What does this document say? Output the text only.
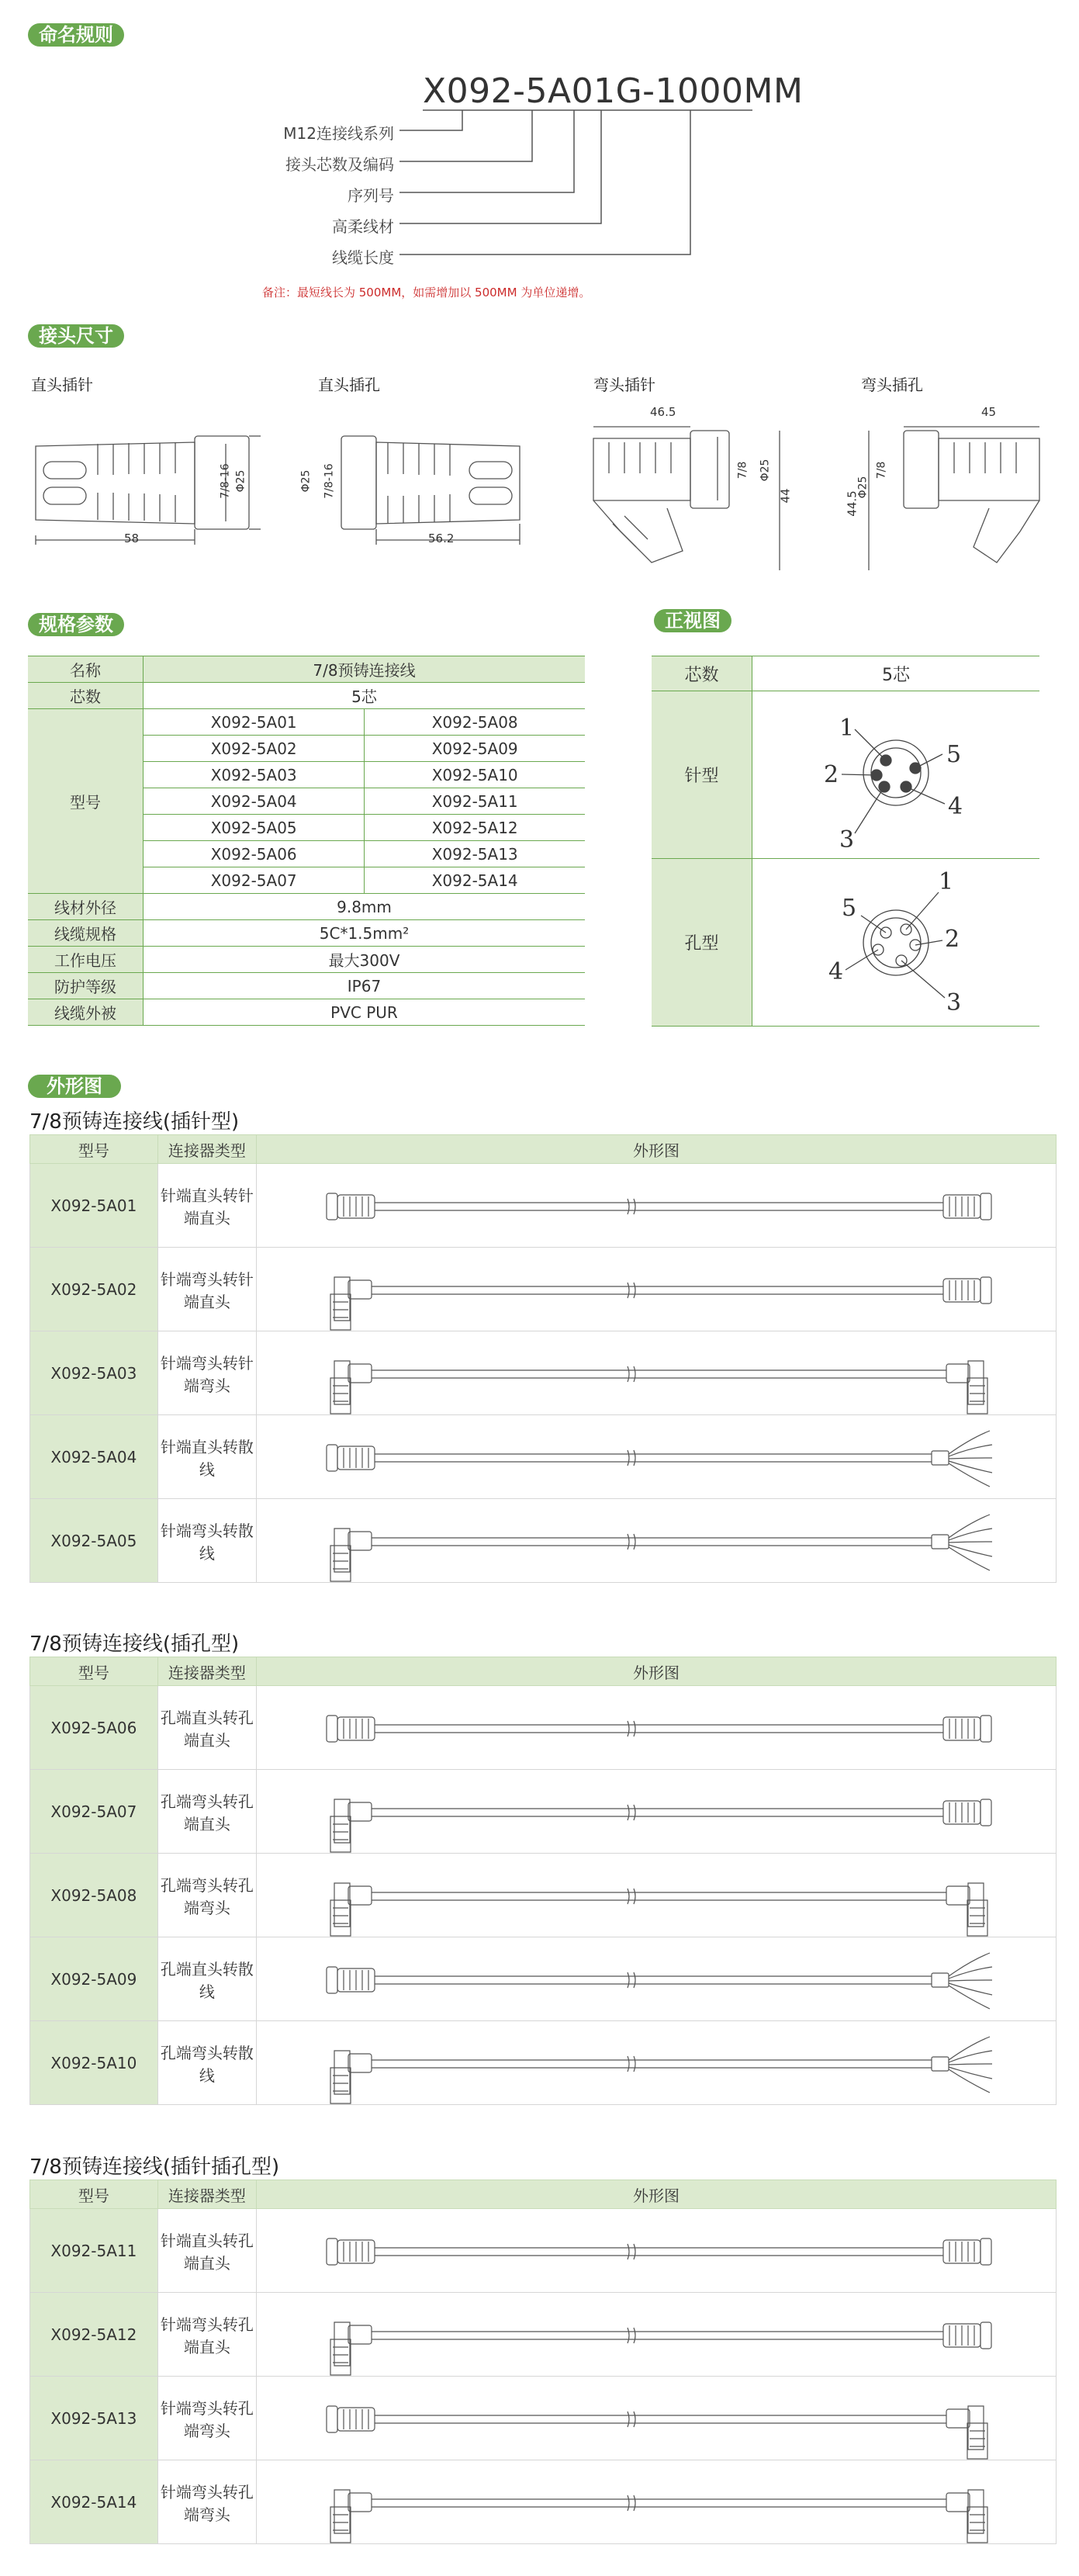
命名规则
X092-5A01G-1000MM
M12连接线系列
接头芯数及编码
序列号
高柔线材
线缆长度
备注：最短线长为 500MM，如需增加以 500MM 为单位递增。
接头尺寸
直头插针	直头插孔	弯头插针	弯头插孔
58
7/8-16 Φ25
56.2
Φ25 7/8-16
46.5
7/8 Φ25
44
45
Φ25
7/8
44.5
规格参数	正视图
名称	7/8预铸连接线	
芯数	5芯	
型号	X092-5A01	X092-5A08
	X092-5A02	X092-5A09
	X092-5A03	X092-5A10
	X092-5A04	X092-5A11
	X092-5A05	X092-5A12
	X092-5A06	X092-5A13
	X092-5A07	X092-5A14
线材外径	9.8mm	
线缆规格	5C*1.5mm²	
工作电压	最大300V	
防护等级	IP67	
线缆外被	PVC PUR	
芯数	5芯
针型	1
2
5
4
3

孔型	1
5
2
4
3
外形图
7/8预铸连接线(插针型)
型号	连接器类型	外形图
X092-5A01	针端直头转针端直头	

X092-5A02	针端弯头转针端直头	

X092-5A03	针端弯头转针端弯头	

X092-5A04	针端直头转散线	

X092-5A05	针端弯头转散线	
7/8预铸连接线(插孔型)
型号	连接器类型	外形图
X092-5A06	孔端直头转孔端直头	

X092-5A07	孔端弯头转孔端直头	

X092-5A08	孔端弯头转孔端弯头	

X092-5A09	孔端直头转散线	

X092-5A10	孔端弯头转散线	
7/8预铸连接线(插针插孔型)
型号	连接器类型	外形图
X092-5A11	针端直头转孔端直头	

X092-5A12	针端弯头转孔端直头	

X092-5A13	针端弯头转孔端弯头	

X092-5A14	针端弯头转孔端弯头	
